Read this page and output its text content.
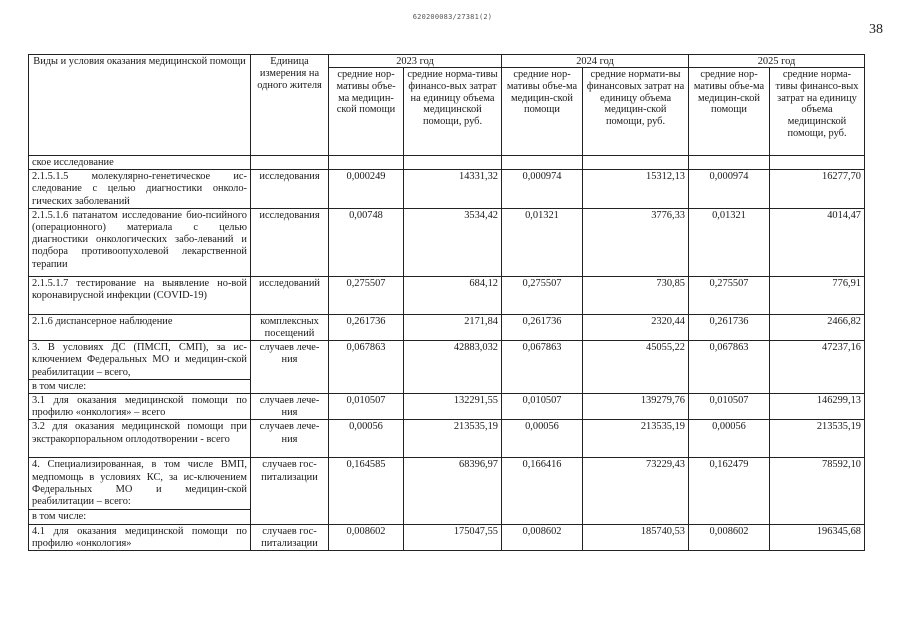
620200083/27381(2)
38
Виды и условия оказания медицинской помощи	Единица измерения на одного жителя	2023 год		2024 год		2025 год	
		средние нор-мативы объе-ма медицин-ской помощи	средние норма-тивы финансо-вых затрат на единицу объема медицинской помощи, руб.	средние нор-мативы объе-ма медицин-ской помощи	средние нормати-вы финансовых затрат на единицу объема медицин-ской помощи, руб.	средние нор-мативы объе-ма медицин-ской помощи	средние норма-тивы финансо-вых затрат на единицу объема медицинской помощи, руб.
ское исследование							
2.1.5.1.5 молекулярно-генетическое ис-следование с целью диагностики онколо-гических заболеваний	исследования	0,000249	14331,32	0,000974	15312,13	0,000974	16277,70
2.1.5.1.6 патанатом исследование био-псийного (операционного) материала с целью диагностики онкологических забо-леваний и подбора противоопухолевой лекарственной терапии	исследования	0,00748	3534,42	0,01321	3776,33	0,01321	4014,47
2.1.5.1.7 тестирование на выявление но-вой коронавирусной инфекции (COVID-19)	исследований	0,275507	684,12	0,275507	730,85	0,275507	776,91
2.1.6 диспансерное наблюдение	комплексных посещений	0,261736	2171,84	0,261736	2320,44	0,261736	2466,82
3. В условиях ДС (ПМСП, СМП), за ис-ключением Федеральных МО и медицин-ской реабилитации – всего,	случаев лече-ния	0,067863	42883,032	0,067863	45055,22	0,067863	47237,16
в том числе:							
3.1 для оказания медицинской помощи по профилю «онкология» – всего	случаев лече-ния	0,010507	132291,55	0,010507	139279,76	0,010507	146299,13
3.2 для оказания медицинской помощи при экстракорпоральном оплодотворении - всего	случаев лече-ния	0,00056	213535,19	0,00056	213535,19	0,00056	213535,19
4. Специализированная, в том числе ВМП, медпомощь в условиях КС, за ис-ключением Федеральных МО и медицин-ской реабилитации – всего:	случаев гос-питализации	0,164585	68396,97	0,166416	73229,43	0,162479	78592,10
в том числе:							
4.1 для оказания медицинской помощи по профилю «онкология»	случаев гос-питализации	0,008602	175047,55	0,008602	185740,53	0,008602	196345,68
